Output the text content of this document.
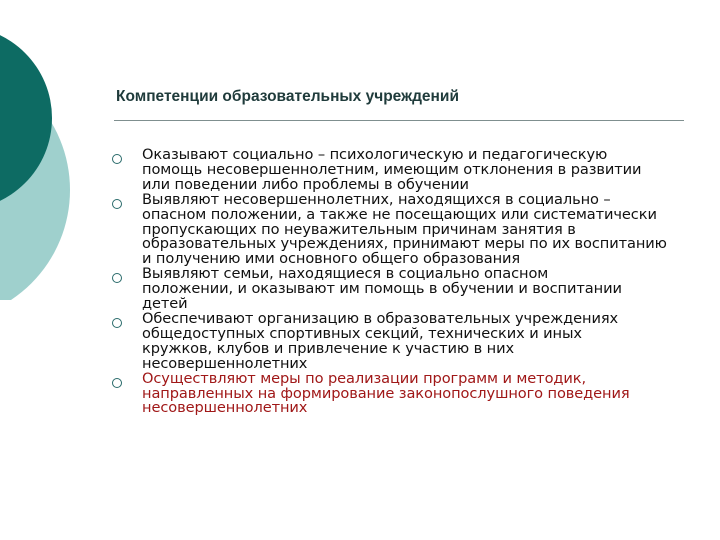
Компетенции образовательных учреждений
Оказывают социально – психологическую и педагогическую помощь несовершеннолетним, имеющим отклонения в развитии или поведении либо проблемы в обучении
Выявляют несовершеннолетних, находящихся в социально – опасном положении, а также не посещающих или систематически пропускающих по неуважительным причинам занятия в образовательных учреждениях, принимают меры по их воспитанию и получению ими основного общего образования
Выявляют семьи, находящиеся в социально опасном положении, и оказывают им помощь в обучении и воспитании детей
Обеспечивают организацию в образовательных учреждениях общедоступных спортивных секций, технических и иных кружков, клубов и привлечение к участию в них несовершеннолетних
Осуществляют меры по реализации программ и методик, направленных на формирование законопослушного поведения несовершеннолетних
